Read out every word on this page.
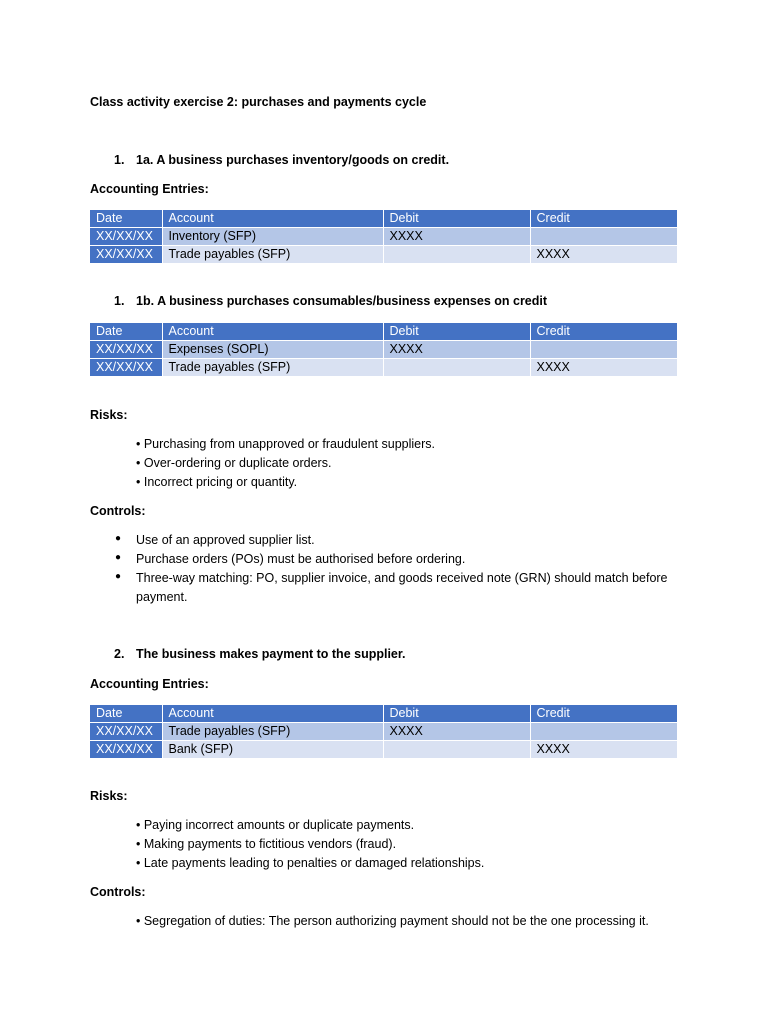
Class activity exercise 2: purchases and payments cycle
1. 1a. A business purchases inventory/goods on credit.
Accounting Entries:
Date	Account	Debit	Credit
XX/XX/XX	Inventory (SFP)	XXXX	
XX/XX/XX	Trade payables (SFP)		XXXX
1. 1b. A business purchases consumables/business expenses on credit
Date	Account	Debit	Credit
XX/XX/XX	Expenses (SOPL)	XXXX	
XX/XX/XX	Trade payables (SFP)		XXXX
Risks:
• Purchasing from unapproved or fraudulent suppliers.
• Over-ordering or duplicate orders.
• Incorrect pricing or quantity.
Controls:
● Use of an approved supplier list.
● Purchase orders (POs) must be authorised before ordering.
● Three-way matching: PO, supplier invoice, and goods received note (GRN) should match before payment.
2. The business makes payment to the supplier.
Accounting Entries:
Date	Account	Debit	Credit
XX/XX/XX	Trade payables (SFP)	XXXX	
XX/XX/XX	Bank (SFP)		XXXX
Risks:
• Paying incorrect amounts or duplicate payments.
• Making payments to fictitious vendors (fraud).
• Late payments leading to penalties or damaged relationships.
Controls:
• Segregation of duties: The person authorizing payment should not be the one processing it.
